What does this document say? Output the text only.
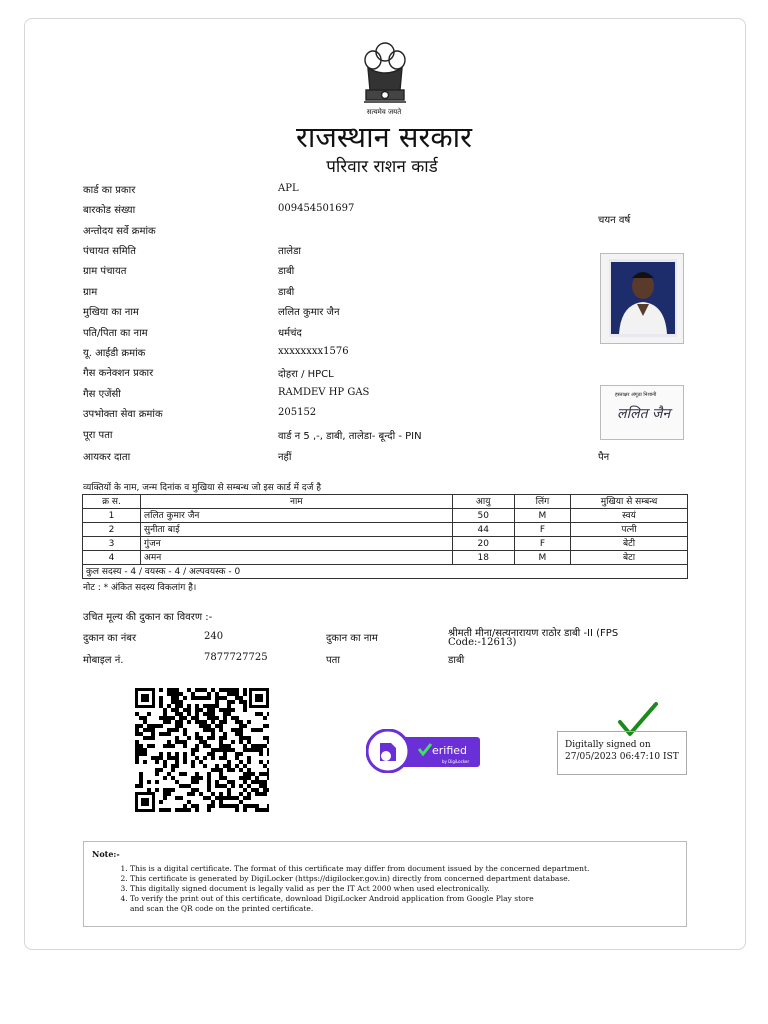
सत्यमेव जयते
राजस्थान सरकार
परिवार राशन कार्ड
कार्ड का प्रकार	APL
बारकोड संख्या	009454501697
अन्तोदय सर्वे क्रमांक
पंचायत समिति	तालेडा
ग्राम पंचायत	डाबी
ग्राम	डाबी
मुखिया का नाम	ललित कुमार जैन
पति/पिता का नाम	धर्मचंद
यू. आईडी क्रमांक	xxxxxxxx1576
गैस कनेक्शन प्रकार	दोहरा / HPCL
गैस एजेंसी	RAMDEV HP GAS
उपभोक्ता सेवा क्रमांक	205152
पूरा पता	वार्ड न 5 ,-, डाबी, तालेडा- बून्दी - PIN
आयकर दाता	नहीं
चयन वर्ष
पैन
हस्ताक्षर अंगूठा निशानी
ललित जैन
व्यक्तियों के नाम, जन्म दिनांक व मुखिया से सम्बन्ध जो इस कार्ड में दर्ज है
क्र स.	नाम	आयु	लिंग	मुखिया से सम्बन्ध
1	ललित कुमार जैन	50	M	स्वयं
2	सुनीता बाई	44	F	पत्नी
3	गुंजन	20	F	बेटी
4	अमन	18	M	बेटा
कुल सदस्य - 4 / वयस्क - 4 / अल्पवयस्क - 0				
नोट : * अंकित सदस्य विकलांग है।
उचित मूल्य की दुकान का विवरण :-
दुकान का नंबर	240	दुकान का नाम	श्रीमती मीना/सत्यनारायण राठोर डाबी -II (FPS
Code:-12613)
मोबाइल नं.	7877727725	पता	डाबी
erified
by DigiLocker
Digitally signed on
27/05/2023 06:47:10 IST
Note:-
1. This is a digital certificate. The format of this certificate may differ from document issued by the concerned department.
2. This certificate is generated by DigiLocker (https://digilocker.gov.in) directly from concerned department database.
3. This digitally signed document is legally valid as per the IT Act 2000 when used electronically.
4. To verify the print out of this certificate, download DigiLocker Android application from Google Play store
and scan the QR code on the printed certificate.
